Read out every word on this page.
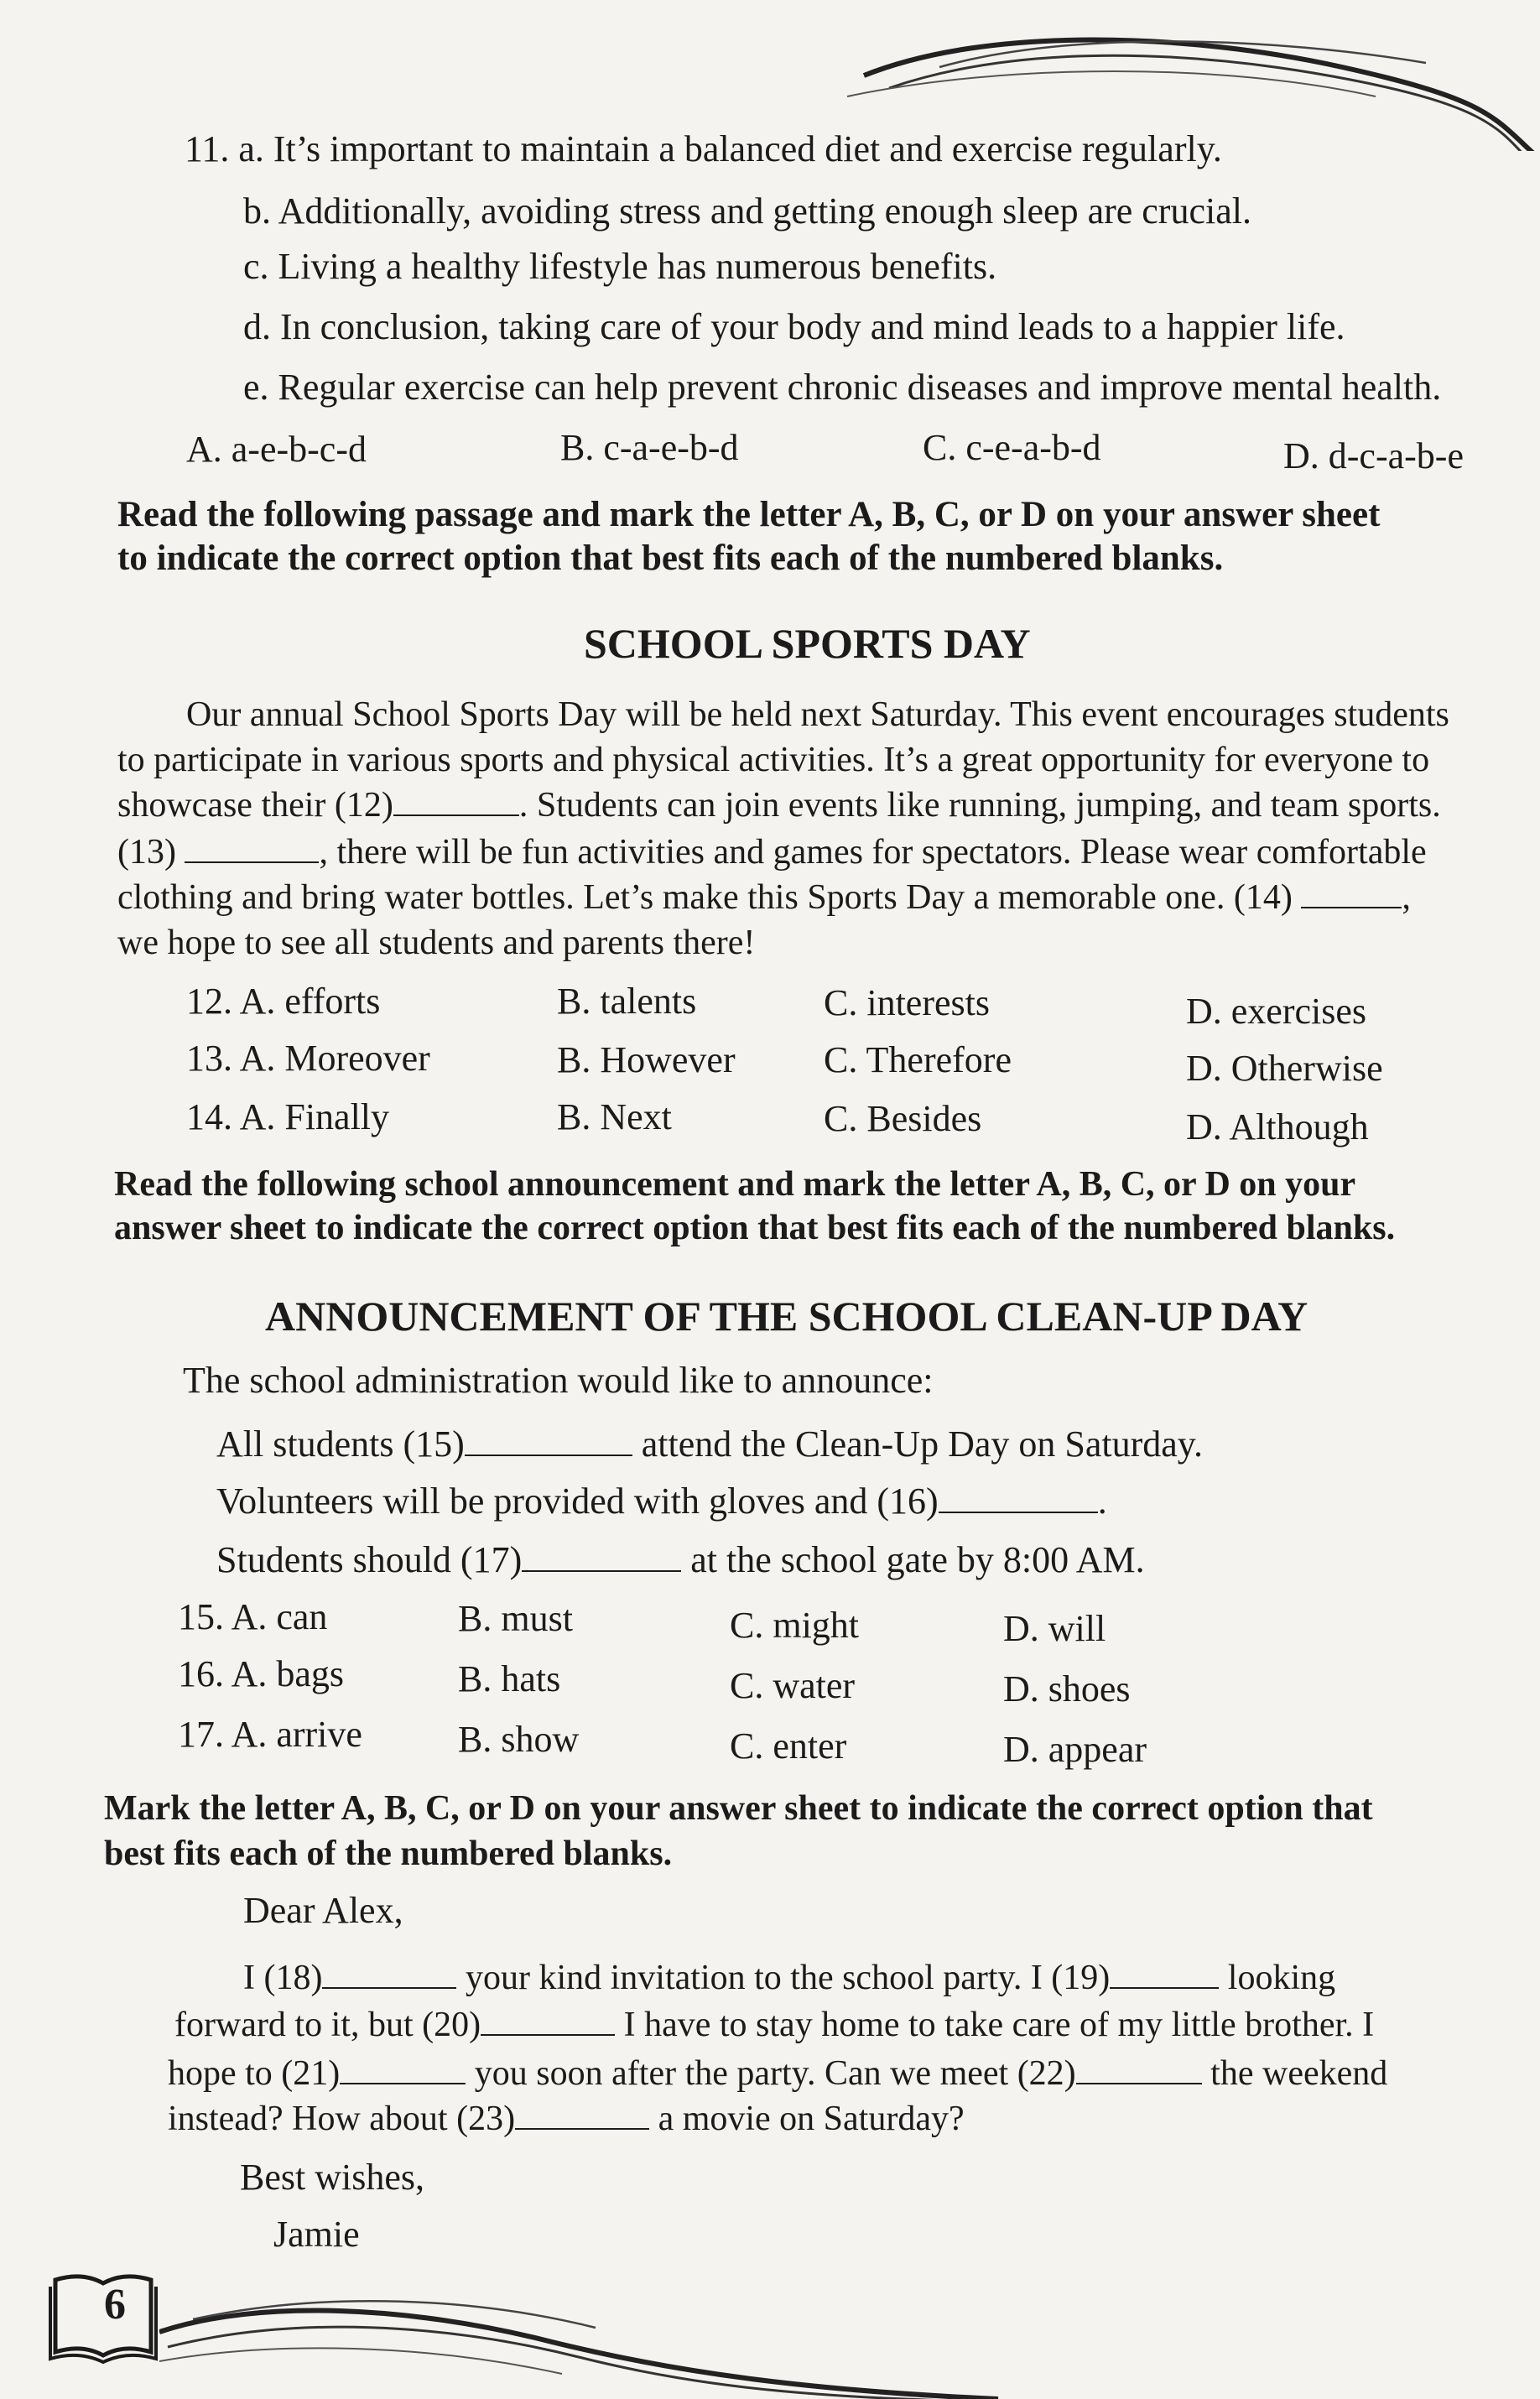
11. a. It’s important to maintain a balanced diet and exercise regularly.
b. Additionally, avoiding stress and getting enough sleep are crucial.
c. Living a healthy lifestyle has numerous benefits.
d. In conclusion, taking care of your body and mind leads to a happier life.
e. Regular exercise can help prevent chronic diseases and improve mental health.
A. a-e-b-c-d	B. c-a-e-b-d	C. c-e-a-b-d	D. d-c-a-b-e
Read the following passage and mark the letter A, B, C, or D on your answer sheet
to indicate the correct option that best fits each of the numbered blanks.
SCHOOL SPORTS DAY
Our annual School Sports Day will be held next Saturday. This event encourages students
to participate in various sports and physical activities. It’s a great opportunity for everyone to
showcase their (12)	. Students can join events like running, jumping, and team sports.
(13)	, there will be fun activities and games for spectators. Please wear comfortable
clothing and bring water bottles. Let’s make this Sports Day a memorable one. (14)	,
we hope to see all students and parents there!
12. A. efforts	B. talents	C. interests	D. exercises
13. A. Moreover	B. However C. Therefore	D. Otherwise
14. A. Finally	B. Next	C. Besides	D. Although
Read the following school announcement and mark the letter A, B, C, or D on your
answer sheet to indicate the correct option that best fits each of the numbered blanks.
ANNOUNCEMENT OF THE SCHOOL CLEAN-UP DAY
The school administration would like to announce:
All students (15)	attend the Clean-Up Day on Saturday.
Volunteers will be provided with gloves and (16)	.
Students should (17)	at the school gate by 8:00 AM.
15. A. can	B. must	C. might	D. will
16. A. bags	B. hats	C. water	D. shoes
17. A. arrive	B. show	C. enter	D. appear
Mark the letter A, B, C, or D on your answer sheet to indicate the correct option that
best fits each of the numbered blanks.
Dear Alex,
I (18)	your kind invitation to the school party. I (19)	looking
forward to it, but (20)	I have to stay home to take care of my little brother. I
hope to (21)	you soon after the party. Can we meet (22)	the weekend
instead? How about (23)	a movie on Saturday?
Best wishes,
Jamie
6
